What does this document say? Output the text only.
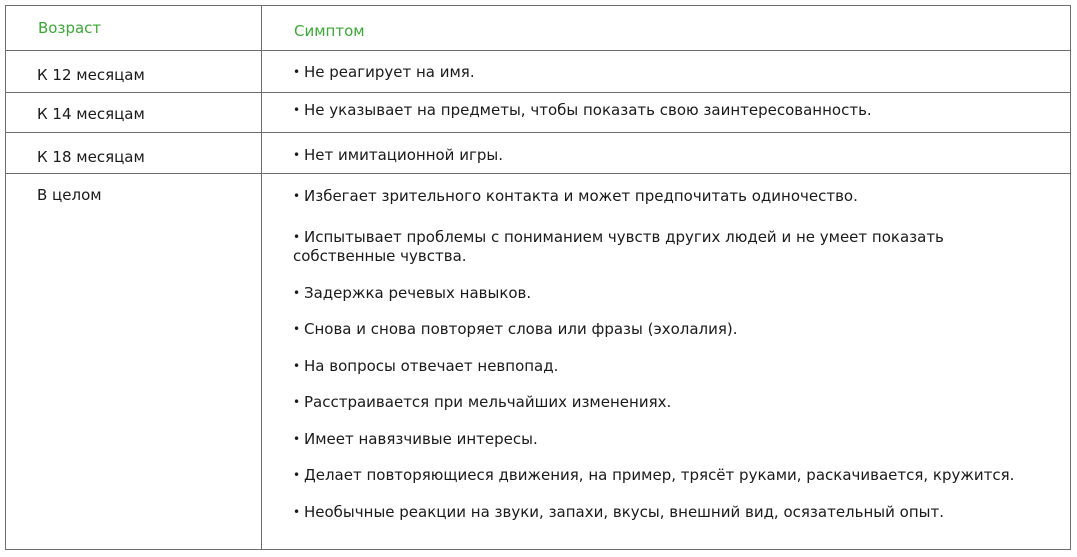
Возраст	Симптом
К 12 месяцам	• Не реагирует на имя.
К 14 месяцам	• Не указывает на предметы, чтобы показать свою заинтересованность.
К 18 месяцам	• Нет имитационной игры.
В целом	• Избегает зрительного контакта и может предпочитать одиночество.
• Испытывает проблемы с пониманием чувств других людей и не умеет показать
собственные чувства.
• Задержка речевых навыков.
• Снова и снова повторяет слова или фразы (эхолалия).
• На вопросы отвечает невпопад.
• Расстраивается при мельчайших изменениях.
• Имеет навязчивые интересы.
• Делает повторяющиеся движения, на пример, трясёт руками, раскачивается, кружится.
• Необычные реакции на звуки, запахи, вкусы, внешний вид, осязательный опыт.
